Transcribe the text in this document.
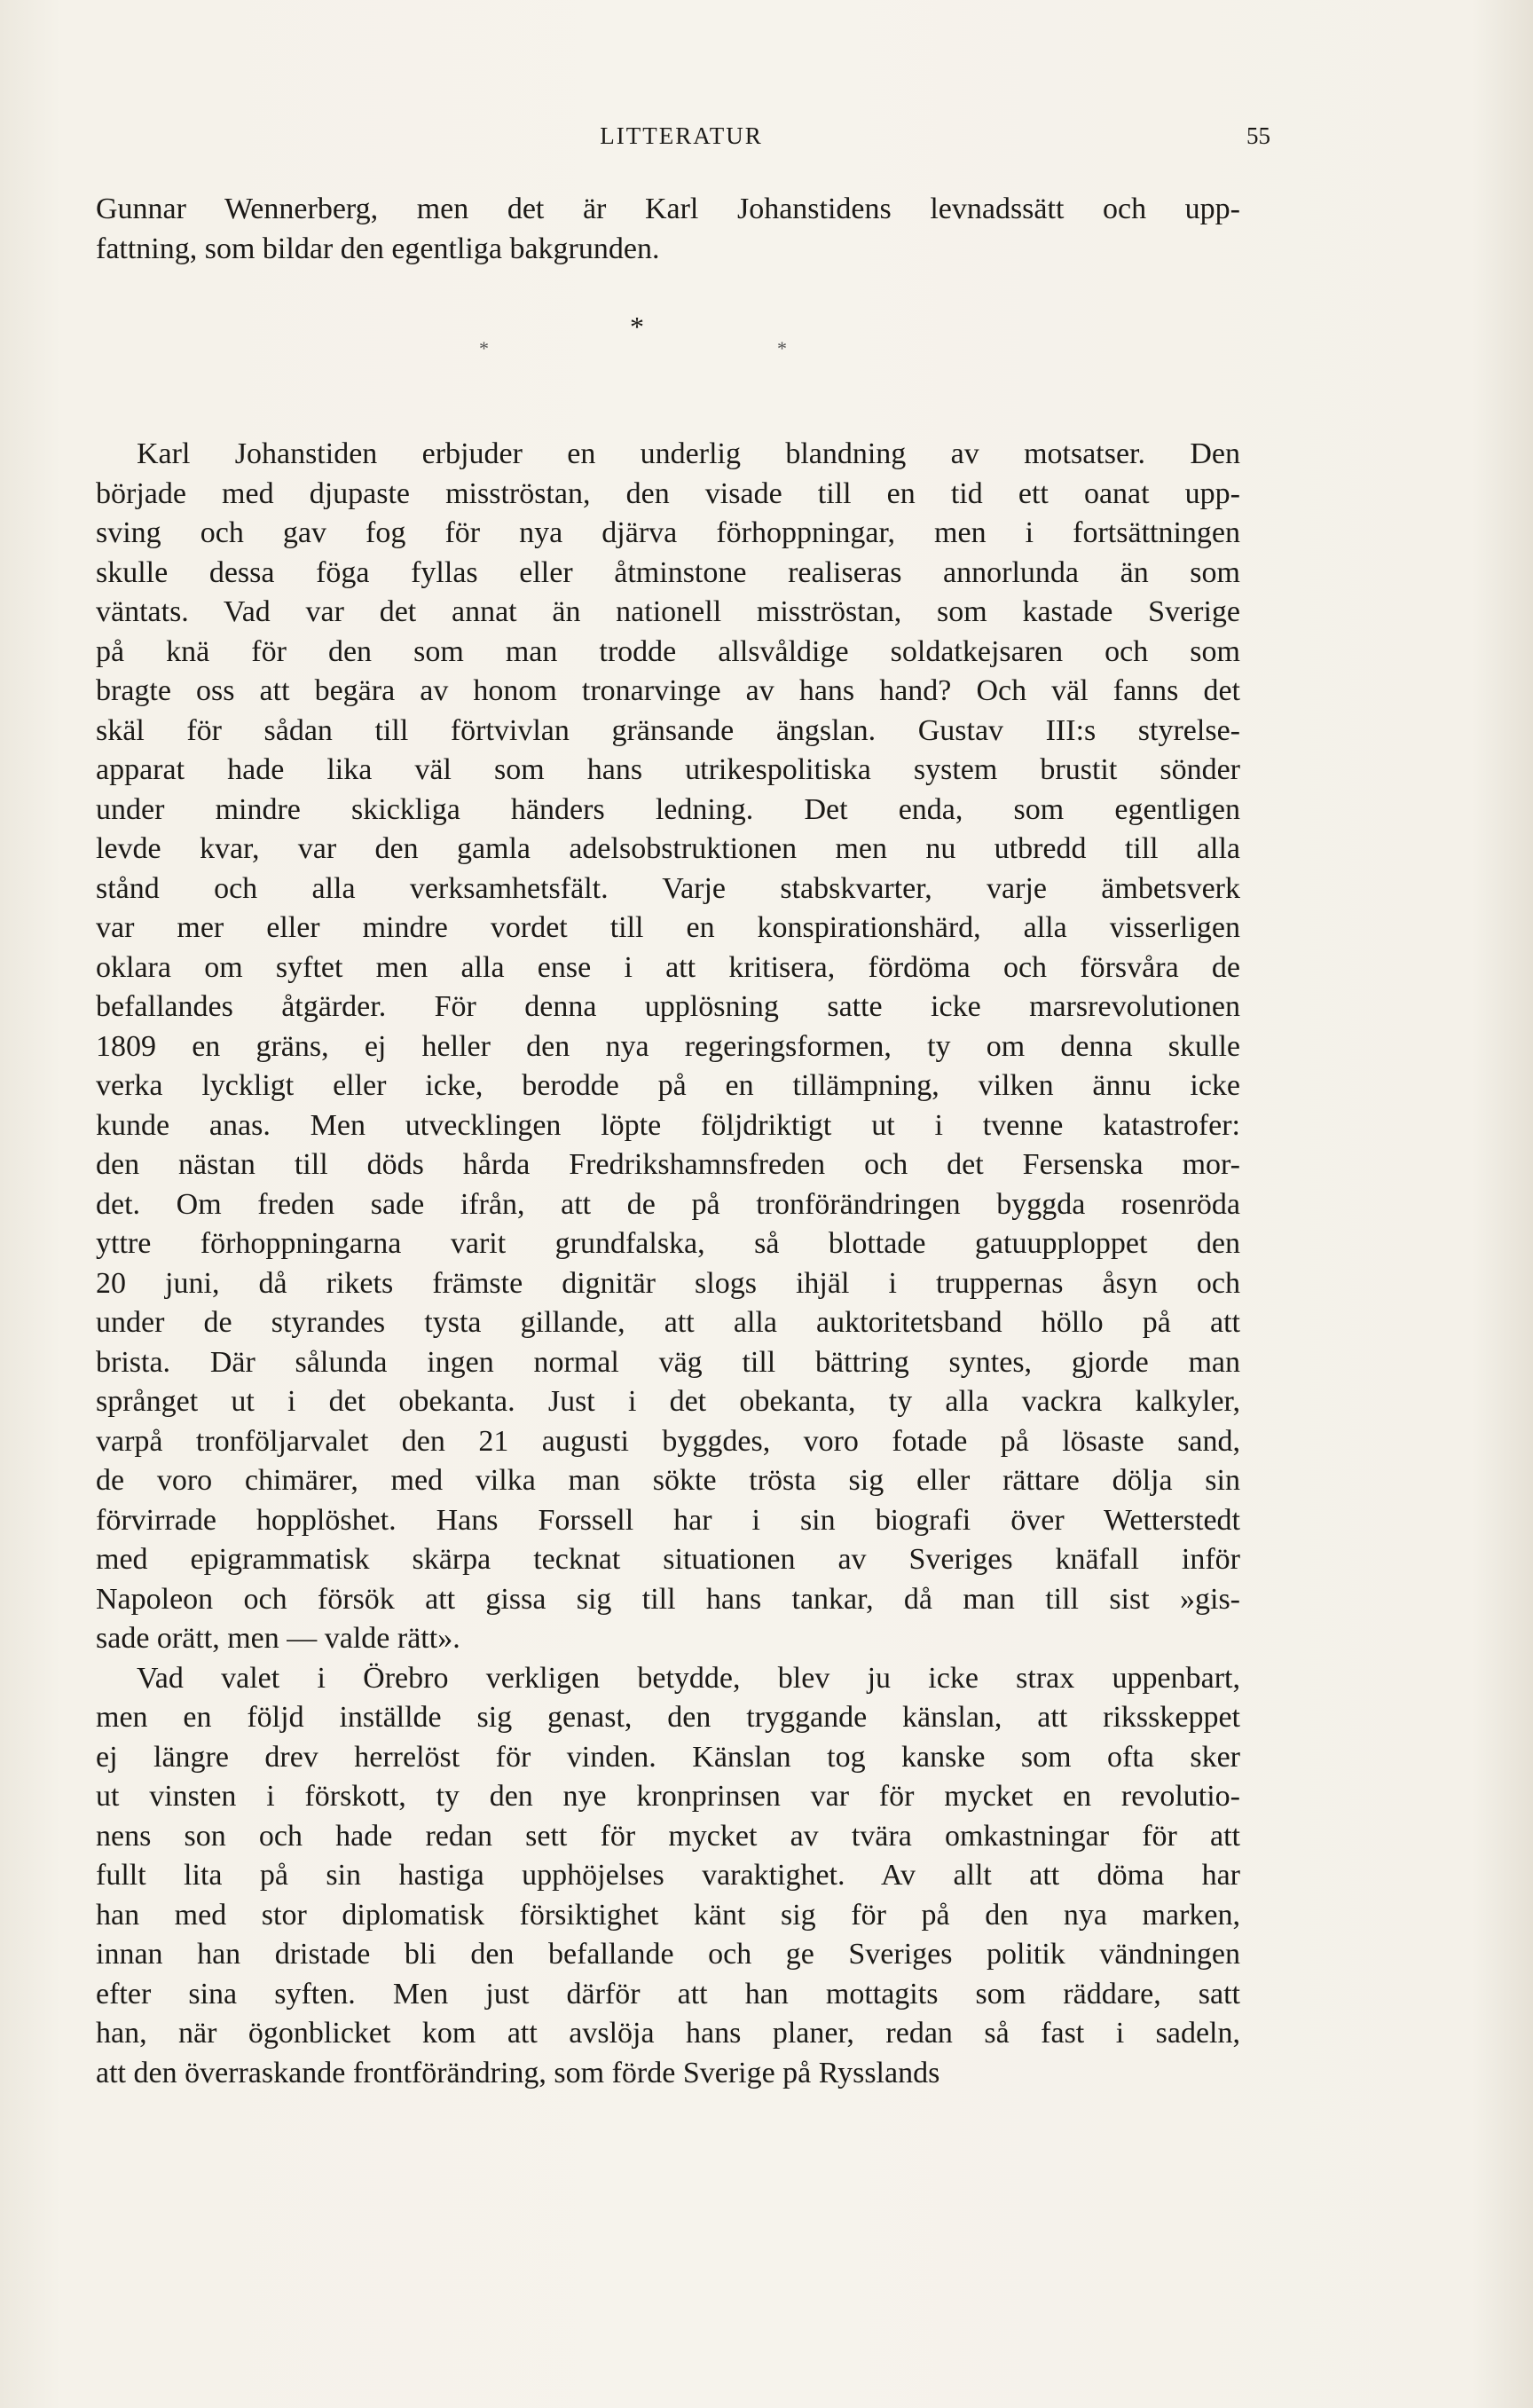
LITTERATUR	55

Gunnar Wennerberg, men det är Karl Johanstidens levnadssätt och upp-
fattning, som bildar den egentliga bakgrunden.

*
*	*

Karl Johanstiden erbjuder en underlig blandning av motsatser. Den
började med djupaste misströstan, den visade till en tid ett oanat upp-
sving och gav fog för nya djärva förhoppningar, men i fortsättningen
skulle dessa föga fyllas eller åtminstone realiseras annorlunda än som
väntats. Vad var det annat än nationell misströstan, som kastade Sverige
på knä för den som man trodde allsvåldige soldatkejsaren och som
bragte oss att begära av honom tronarvinge av hans hand? Och väl fanns det
skäl för sådan till förtvivlan gränsande ängslan. Gustav III:s styrelse-
apparat hade lika väl som hans utrikespolitiska system brustit sönder
under mindre skickliga händers ledning. Det enda, som egentligen
levde kvar, var den gamla adelsobstruktionen men nu utbredd till alla
stånd och alla verksamhetsfält. Varje stabskvarter, varje ämbetsverk
var mer eller mindre vordet till en konspirationshärd, alla visserligen
oklara om syftet men alla ense i att kritisera, fördöma och försvåra de
befallandes åtgärder. För denna upplösning satte icke marsrevolutionen
1809 en gräns, ej heller den nya regeringsformen, ty om denna skulle
verka lyckligt eller icke, berodde på en tillämpning, vilken ännu icke
kunde anas. Men utvecklingen löpte följdriktigt ut i tvenne katastrofer:
den nästan till döds hårda Fredrikshamnsfreden och det Fersenska mor-
det. Om freden sade ifrån, att de på tronförändringen byggda rosenröda
yttre förhoppningarna varit grundfalska, så blottade gatuupploppet den
20 juni, då rikets främste dignitär slogs ihjäl i truppernas åsyn och
under de styrandes tysta gillande, att alla auktoritetsband höllo på att
brista. Där sålunda ingen normal väg till bättring syntes, gjorde man
språnget ut i det obekanta. Just i det obekanta, ty alla vackra kalkyler,
varpå tronföljarvalet den 21 augusti byggdes, voro fotade på lösaste sand,
de voro chimärer, med vilka man sökte trösta sig eller rättare dölja sin
förvirrade hopplöshet. Hans Forssell har i sin biografi över Wetterstedt
med epigrammatisk skärpa tecknat situationen av Sveriges knäfall inför
Napoleon och försök att gissa sig till hans tankar, då man till sist »gis-
sade orätt, men — valde rätt».

Vad valet i Örebro verkligen betydde, blev ju icke strax uppenbart,
men en följd inställde sig genast, den tryggande känslan, att riksskeppet
ej längre drev herrelöst för vinden. Känslan tog kanske som ofta sker
ut vinsten i förskott, ty den nye kronprinsen var för mycket en revolutio-
nens son och hade redan sett för mycket av tvära omkastningar för att
fullt lita på sin hastiga upphöjelses varaktighet. Av allt att döma har
han med stor diplomatisk försiktighet känt sig för på den nya marken,
innan han dristade bli den befallande och ge Sveriges politik vändningen
efter sina syften. Men just därför att han mottagits som räddare, satt
han, när ögonblicket kom att avslöja hans planer, redan så fast i sadeln,
att den överraskande frontförändring, som förde Sverige på Rysslands
